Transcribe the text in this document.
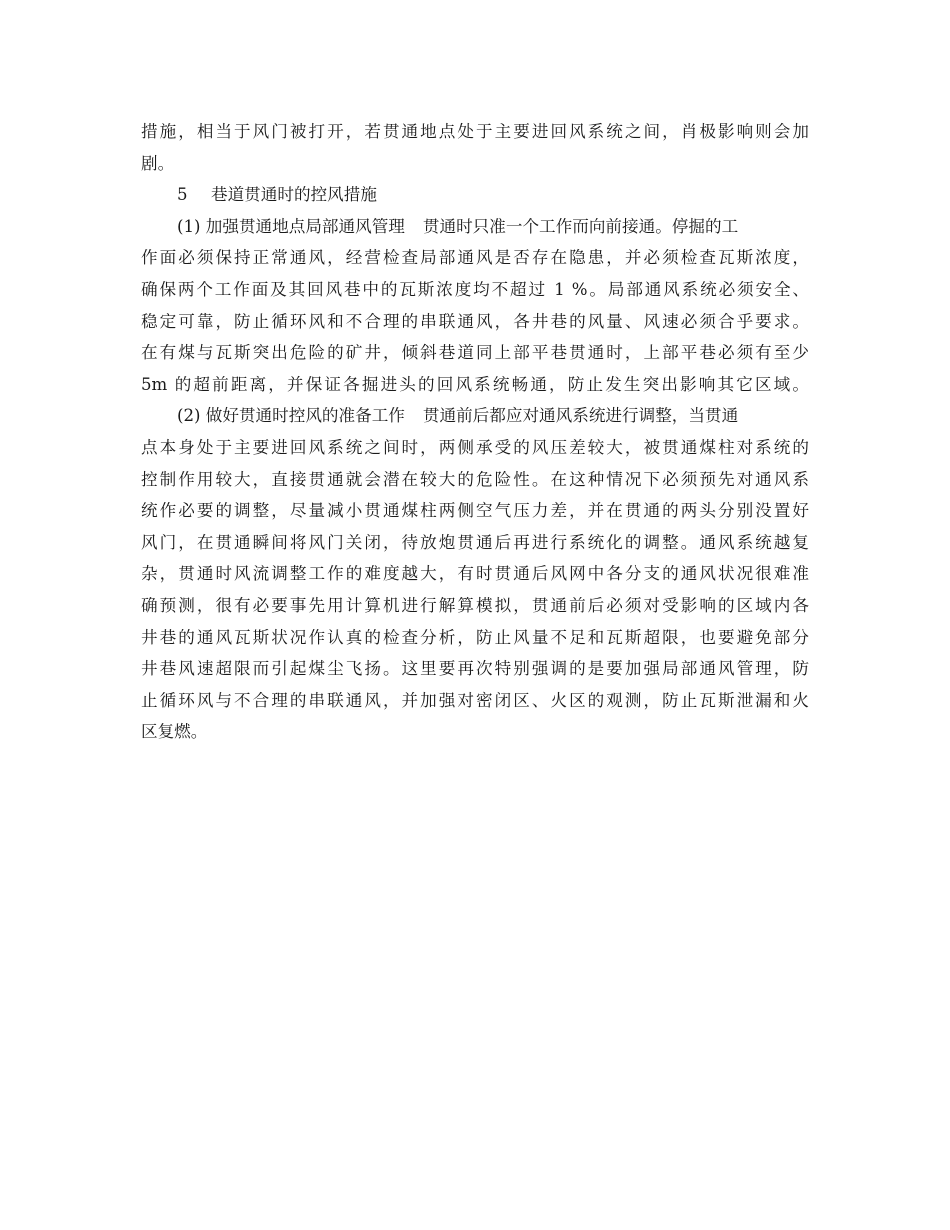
措施，相当于风门被打开，若贯通地点处于主要进回风系统之间，肖极影响则会加
剧。
5 巷道贯通时的控风措施
(1) 加强贯通地点局部通风管理 贯通时只准一个工作而向前接通。停掘的工
作面必须保持正常通风，经营检查局部通风是否存在隐患，并必须检查瓦斯浓度，
确保两个工作面及其回风巷中的瓦斯浓度均不超过 1 %。局部通风系统必须安全、
稳定可靠，防止循环风和不合理的串联通风，各井巷的风量、风速必须合乎要求。
在有煤与瓦斯突出危险的矿井，倾斜巷道同上部平巷贯通时，上部平巷必须有至少
5m 的超前距离，并保证各掘进头的回风系统畅通，防止发生突出影响其它区域。
(2) 做好贯通时控风的准备工作 贯通前后都应对通风系统进行调整，当贯通
点本身处于主要进回风系统之间时，两侧承受的风压差较大，被贯通煤柱对系统的
控制作用较大，直接贯通就会潜在较大的危险性。在这种情况下必须预先对通风系
统作必要的调整，尽量减小贯通煤柱两侧空气压力差，并在贯通的两头分别没置好
风门，在贯通瞬间将风门关闭，待放炮贯通后再进行系统化的调整。通风系统越复
杂，贯通时风流调整工作的难度越大，有时贯通后风网中各分支的通风状况很难准
确预测，很有必要事先用计算机进行解算模拟，贯通前后必须对受影响的区域内各
井巷的通风瓦斯状况作认真的检查分析，防止风量不足和瓦斯超限，也要避免部分
井巷风速超限而引起煤尘飞扬。这里要再次特别强调的是要加强局部通风管理，防
止循环风与不合理的串联通风，并加强对密闭区、火区的观测，防止瓦斯泄漏和火
区复燃。
